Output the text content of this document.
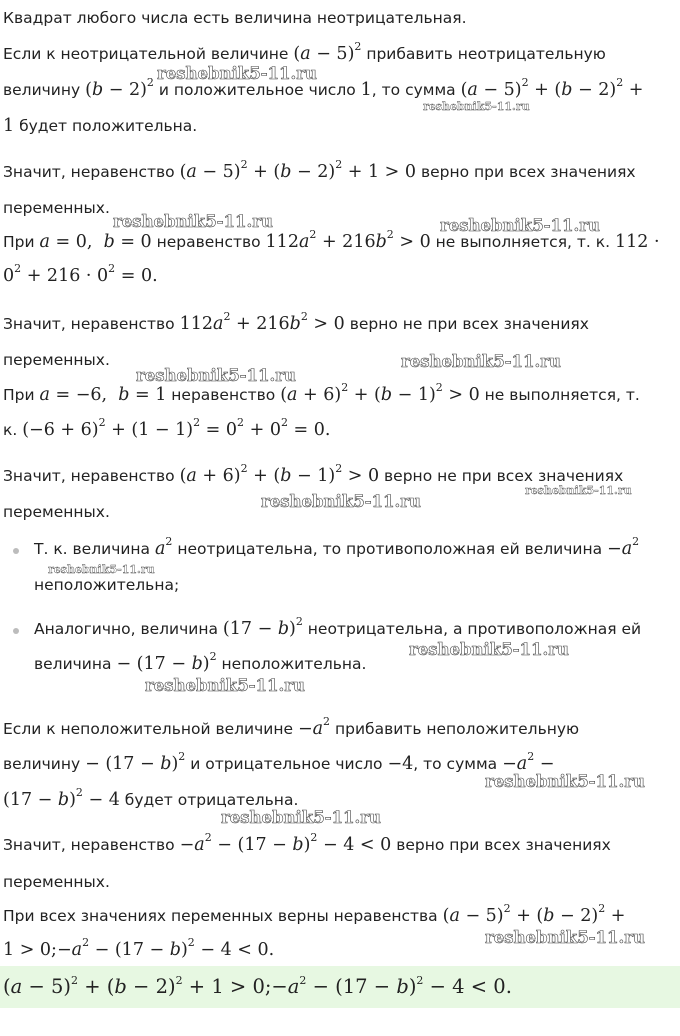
Квадрат любого числа есть величина неотрицательная.
Если к неотрицательной величине $(a - 5)^2$ прибавить неотрицательную
величину $(b - 2)^2$ и положительное число 1, то сумма $(a - 5)^2 + (b - 2)^2$ +
1 будет положительна.
Значит, неравенство $(a - 5)^2 + (b - 2)^2 + 1 > 0$ верно при всех значениях
переменных.
При a = 0,  b = 0 неравенство $112a^2 + 216b^2 > 0$ не выполняется, т. к. 112 ·
$0^2 + 216 \cdot 0^2 = 0$.
Значит, неравенство $112a^2 + 216b^2 > 0$ верно не при всех значениях
переменных.
При a = −6,  b = 1 неравенство $(a + 6)^2 + (b - 1)^2 > 0$ не выполняется, т.
к. $(-6 + 6)^2 + (1 - 1)^2 = 0^2 + 0^2 = 0$.
Значит, неравенство $(a + 6)^2 + (b - 1)^2 > 0$ верно не при всех значениях
переменных.
Т. к. величина $a^2$ неотрицательна, то противоположная ей величина $-a^2$
неположительна;
Аналогично, величина $(17 - b)^2$ неотрицательна, а противоположная ей
величина − $(17 - b)^2$ неположительна.
Если к неположительной величине $-a^2$ прибавить неположительную
величину − $(17 - b)^2$ и отрицательное число −4, то сумма $-a^2$ −
$(17 - b)^2 - 4$ будет отрицательна.
Значит, неравенство $-a^2 - (17 - b)^2 - 4 < 0$ верно при всех значениях
переменных.
При всех значениях переменных верны неравенства $(a - 5)^2 + (b - 2)^2$ +
$1 > 0;-a^2 - (17 - b)^2 - 4 < 0$.
$(a - 5)^2 + (b - 2)^2 + 1$ > $0;-a^2 - (17 - b)^2 - 4 < 0$.
reshebnik5-11.ru
reshebnik5-11.ru
reshebnik5-11.ru	reshebnik5-11.ru
reshebnik5-11.ru
reshebnik5-11.ru
reshebnik5-11.ru
reshebnik5-11.ru
reshebnik5-11.ru
reshebnik5-11.ru
reshebnik5-11.ru
reshebnik5-11.ru
reshebnik5-11.ru
reshebnik5-11.ru
